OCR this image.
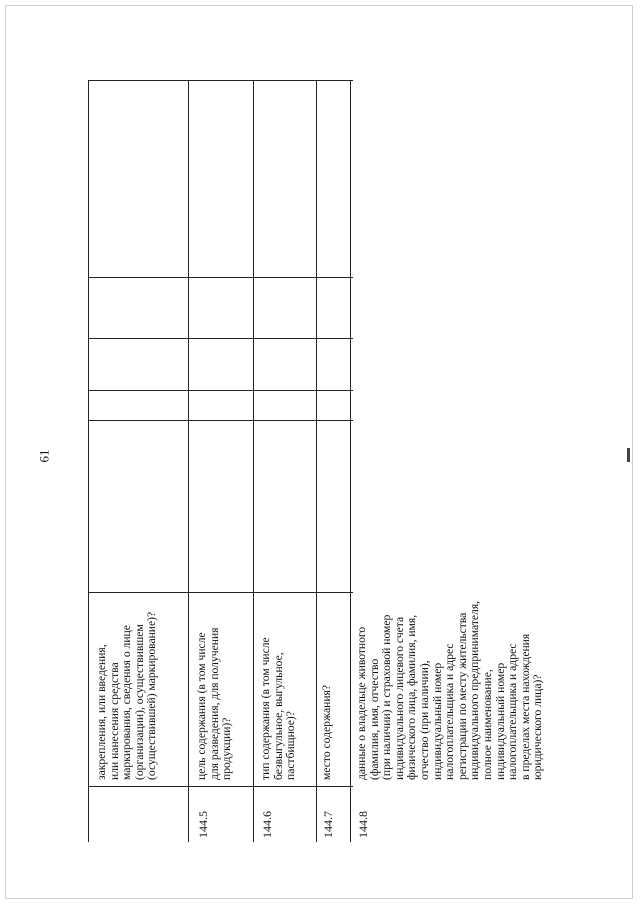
61
закрепления, или введения,
или нанесения средства
маркирования, сведения о лице
(организации), осуществившем
(осуществившей) маркирование)?
144.5
цель содержания (в том числе
для разведения, для получения
продукции)?
144.6
тип содержания (в том числе
безвыгульное, выгульное,
пастбищное)?
144.7
место содержания?
144.8
данные о владельце животного
(фамилия, имя, отчество
(при наличии) и страховой номер
индивидуального лицевого счета
физического лица, фамилия, имя,
отчество (при наличии),
индивидуальный номер
налогоплательщика и адрес
регистрации по месту жительства
индивидуального предпринимателя,
полное наименование,
индивидуальный номер
налогоплательщика и адрес
в пределах места нахождения
юридического лица)?
